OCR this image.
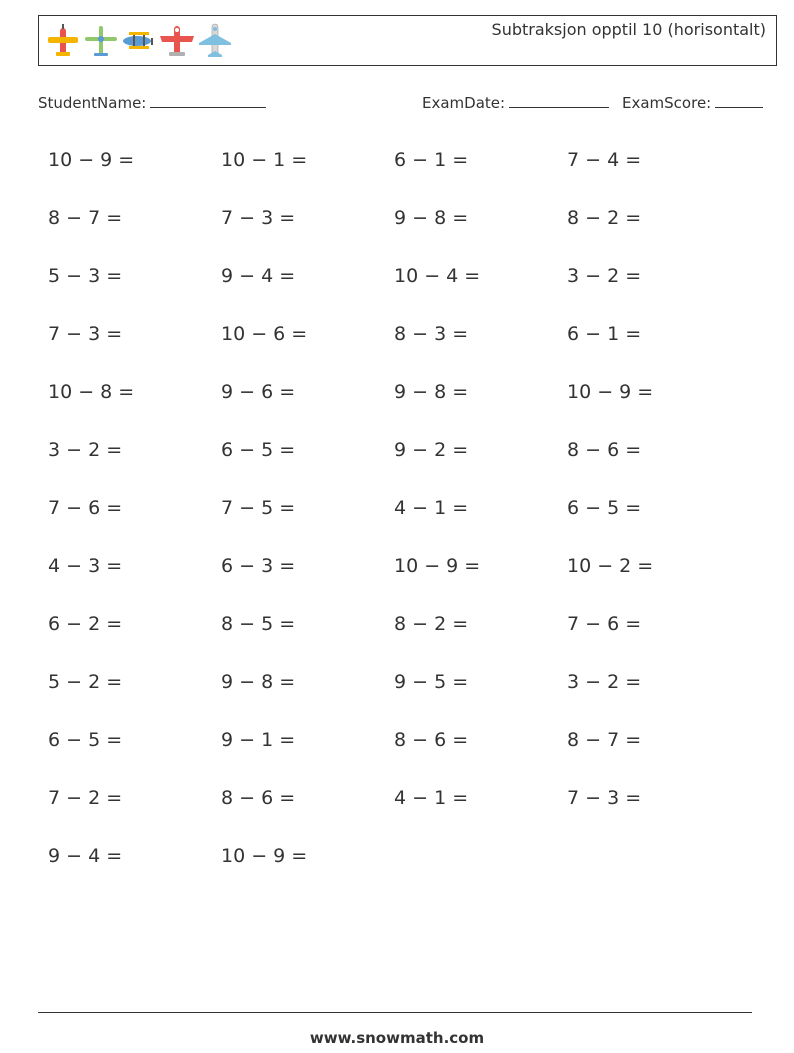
Subtraksjon opptil 10 (horisontalt)
StudentName:	ExamDate:	ExamScore:
10 − 9 =	10 − 1 =	6 − 1 =	7 − 4 =
8 − 7 =	7 − 3 =	9 − 8 =	8 − 2 =
5 − 3 =	9 − 4 =	10 − 4 =	3 − 2 =
7 − 3 =	10 − 6 =	8 − 3 =	6 − 1 =
10 − 8 =	9 − 6 =	9 − 8 =	10 − 9 =
3 − 2 =	6 − 5 =	9 − 2 =	8 − 6 =
7 − 6 =	7 − 5 =	4 − 1 =	6 − 5 =
4 − 3 =	6 − 3 =	10 − 9 =	10 − 2 =
6 − 2 =	8 − 5 =	8 − 2 =	7 − 6 =
5 − 2 =	9 − 8 =	9 − 5 =	3 − 2 =
6 − 5 =	9 − 1 =	8 − 6 =	8 − 7 =
7 − 2 =	8 − 6 =	4 − 1 =	7 − 3 =
9 − 4 =	10 − 9 =
www.snowmath.com
